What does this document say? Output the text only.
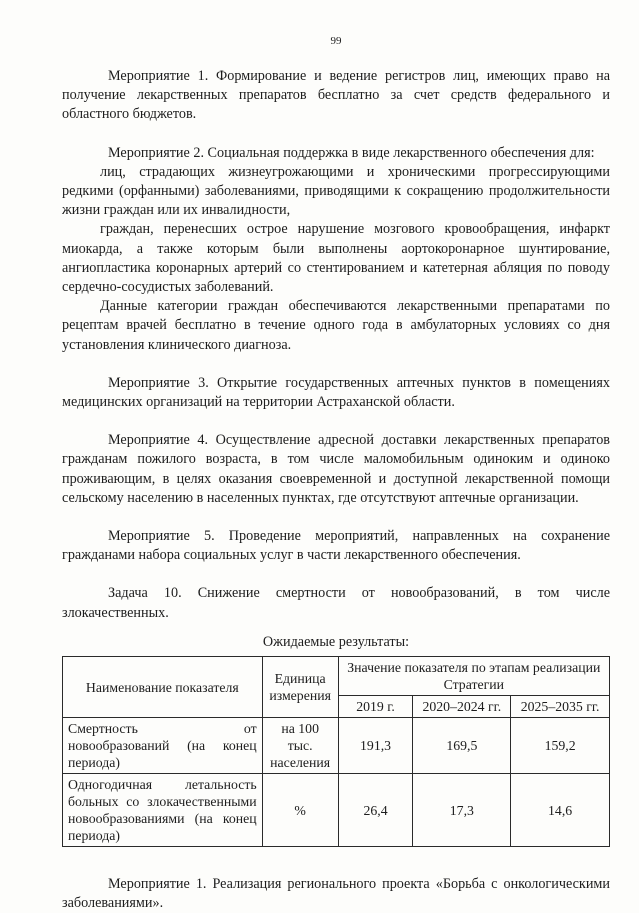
99

Мероприятие 1. Формирование и ведение регистров лиц, имеющих право на получение лекарственных препаратов бесплатно за счет средств федерального и областного бюджетов.

Мероприятие 2. Социальная поддержка в виде лекарственного обеспечения для:

лиц, страдающих жизнеугрожающими и хроническими прогрессирующими редкими (орфанными) заболеваниями, приводящими к сокращению продолжительности жизни граждан или их инвалидности,

граждан, перенесших острое нарушение мозгового кровообращения, инфаркт миокарда, а также которым были выполнены аортокоронарное шунтирование, ангиопластика коронарных артерий со стентированием и катетерная абляция по поводу сердечно-сосудистых заболеваний.

Данные категории граждан обеспечиваются лекарственными препаратами по рецептам врачей бесплатно в течение одного года в амбулаторных условиях со дня установления клинического диагноза.

Мероприятие 3. Открытие государственных аптечных пунктов в помещениях медицинских организаций на территории Астраханской области.

Мероприятие 4. Осуществление адресной доставки лекарственных препаратов гражданам пожилого возраста, в том числе маломобильным одиноким и одиноко проживающим, в целях оказания своевременной и доступной лекарственной помощи сельскому населению в населенных пунктах, где отсутствуют аптечные организации.

Мероприятие 5. Проведение мероприятий, направленных на сохранение гражданами набора социальных услуг в части лекарственного обеспечения.

Задача 10. Снижение смертности от новообразований, в том числе злокачественных.

Ожидаемые результаты:
Наименование показателя	Единица измерения	Значение показателя по этапам реализации Стратегии		
		2019 г.	2020–2024 гг.	2025–2035 гг.
Смертность от новообразований (на конец периода)	на 100 тыс. населения	191,3	169,5	159,2
Одногодичная летальность больных со злокачественными новообразованиями (на конец периода)	%	26,4	17,3	14,6

Мероприятие 1. Реализация регионального проекта «Борьба с онкологическими заболеваниями».
